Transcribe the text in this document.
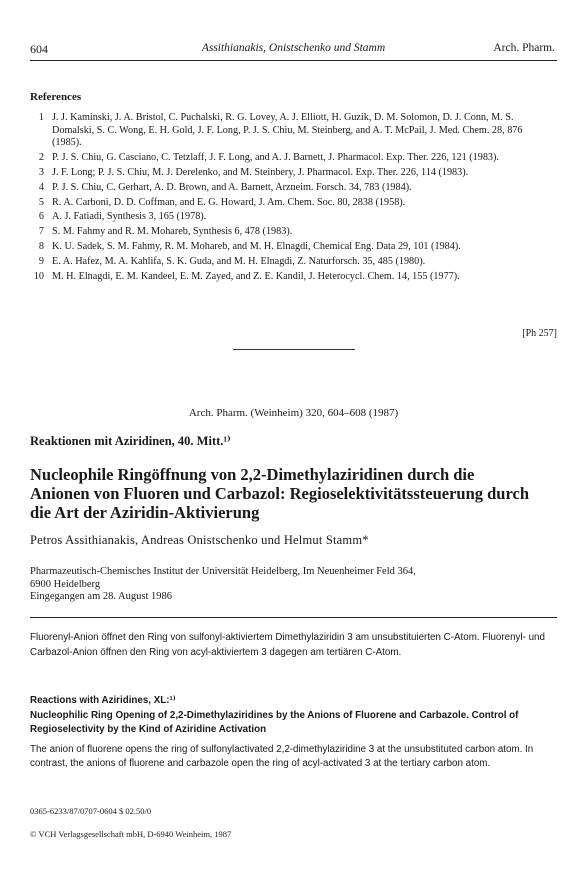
604	Assithianakis, Onistschenko und Stamm	Arch. Pharm.
References
1 J. J. Kaminski, J. A. Bristol, C. Puchalski, R. G. Lovey, A. J. Elliott, H. Guzik, D. M. Solomon, D. J. Conn, M. S. Domalski, S. C. Wong, E. H. Gold, J. F. Long, P. J. S. Chiu, M. Steinberg, and A. T. McPail, J. Med. Chem. 28, 876 (1985).
2 P. J. S. Chiu, G. Casciano, C. Tetzlaff, J. F. Long, and A. J. Barnett, J. Pharmacol. Exp. Ther. 226, 121 (1983).
3 J. F. Long; P. J. S. Chiu, M. J. Derelenko, and M. Steinbery, J. Pharmacol. Exp. Ther. 226, 114 (1983).
4 P. J. S. Chiu, C. Gerhart, A. D. Brown, and A. Barnett, Arzneim. Forsch. 34, 783 (1984).
5 R. A. Carboni, D. D. Coffman, and E. G. Howard, J. Am. Chem. Soc. 80, 2838 (1958).
6 A. J. Fatiadi, Synthesis 3, 165 (1978).
7 S. M. Fahmy and R. M. Mohareb, Synthesis 6, 478 (1983).
8 K. U. Sadek, S. M. Fahmy, R. M. Mohareb, and M. H. Elnagdi, Chemical Eng. Data 29, 101 (1984).
9 E. A. Hafez, M. A. Kahlifa, S. K. Guda, and M. H. Elnagdi, Z. Naturforsch. 35, 485 (1980).
10 M. H. Elnagdi, E. M. Kandeel, E. M. Zayed, and Z. E. Kandil, J. Heterocycl. Chem. 14, 155 (1977).
[Ph 257]
Arch. Pharm. (Weinheim) 320, 604–608 (1987)
Reaktionen mit Aziridinen, 40. Mitt.¹⁾
Nucleophile Ringöffnung von 2,2-Dimethylaziridinen durch die Anionen von Fluoren und Carbazol: Regioselektivitätssteuerung durch die Art der Aziridin-Aktivierung
Petros Assithianakis, Andreas Onistschenko und Helmut Stamm*
Pharmazeutisch-Chemisches Institut der Universität Heidelberg, Im Neuenheimer Feld 364,
6900 Heidelberg
Eingegangen am 28. August 1986
Fluorenyl-Anion öffnet den Ring von sulfonyl-aktiviertem Dimethylaziridin 3 am unsubstituierten C-Atom. Fluorenyl- und Carbazol-Anion öffnen den Ring von acyl-aktiviertem 3 dagegen am tertiären C-Atom.
Reactions with Aziridines, XL:¹⁾
Nucleophilic Ring Opening of 2,2-Dimethylaziridines by the Anions of Fluorene and Carbazole. Control of Regioselectivity by the Kind of Aziridine Activation
The anion of fluorene opens the ring of sulfonylactivated 2,2-dimethylaziridine 3 at the unsubstituted carbon atom. In contrast, the anions of fluorene and carbazole open the ring of acyl-activated 3 at the tertiary carbon atom.
0365-6233/87/0707-0604 $ 02.50/0
© VCH Verlagsgesellschaft mbH, D-6940 Weinheim, 1987
